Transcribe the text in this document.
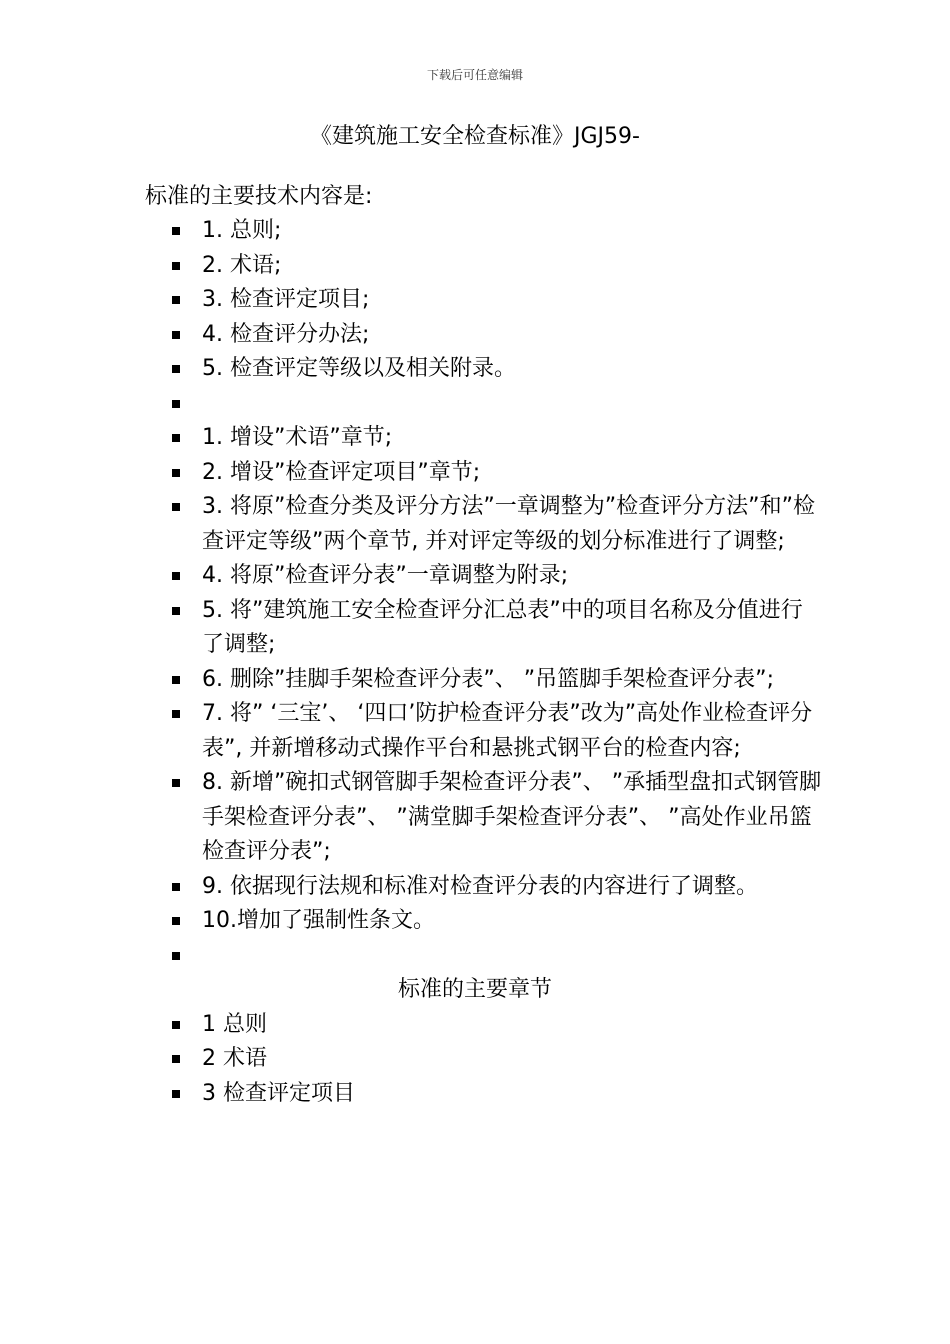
下载后可任意编辑
《建筑施工安全检查标准》JGJ59-
标准的主要技术内容是:
1. 总则;
2. 术语;
3. 检查评定项目;
4. 检查评分办法;
5. 检查评定等级以及相关附录。
1. 增设”术语”章节;
2. 增设”检查评定项目”章节;
3. 将原”检查分类及评分方法”一章调整为”检查评分方法”和”检查评定等级”两个章节, 并对评定等级的划分标准进行了调整;
4. 将原”检查评分表”一章调整为附录;
5. 将”建筑施工安全检查评分汇总表”中的项目名称及分值进行了调整;
6. 删除”挂脚手架检查评分表”、 ”吊篮脚手架检查评分表”;
7. 将” ‘三宝’、 ‘四口’防护检查评分表”改为”高处作业检查评分表”, 并新增移动式操作平台和悬挑式钢平台的检查内容;
8. 新增”碗扣式钢管脚手架检查评分表”、 ”承插型盘扣式钢管脚手架检查评分表”、 ”满堂脚手架检查评分表”、 ”高处作业吊篮检查评分表”;
9. 依据现行法规和标准对检查评分表的内容进行了调整。
10.增加了强制性条文。
标准的主要章节
1 总则
2 术语
3 检查评定项目
